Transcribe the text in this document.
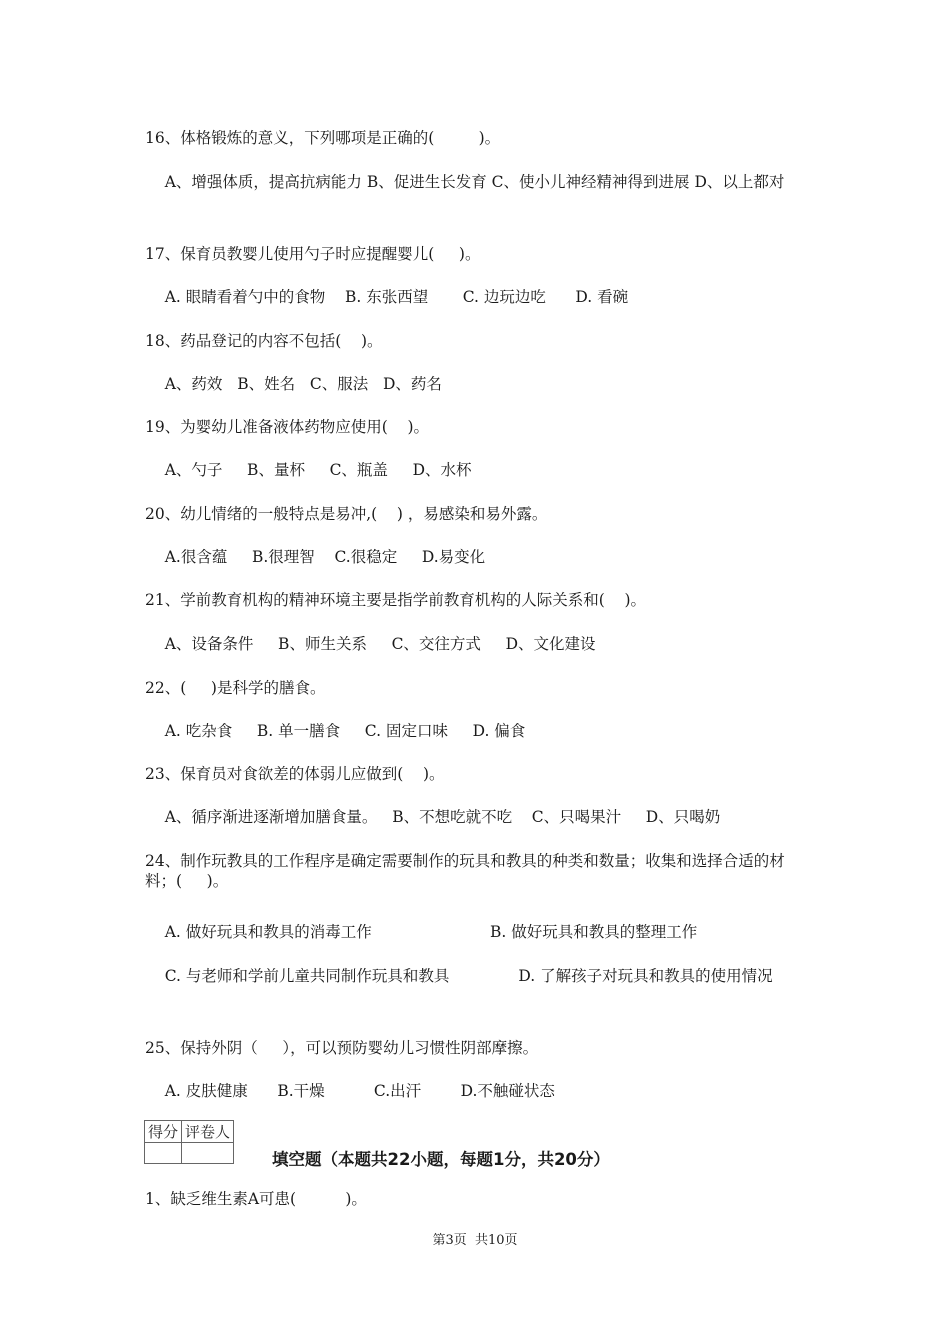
16、体格锻炼的意义，下列哪项是正确的(         )。
A、增强体质，提高抗病能力 B、促进生长发育 C、使小儿神经精神得到进展 D、以上都对
17、保育员教婴儿使用勺子时应提醒婴儿(     )。
A. 眼睛看着勺中的食物    B. 东张西望       C. 边玩边吃      D. 看碗
18、药品登记的内容不包括(    )。
A、药效   B、姓名   C、服法   D、药名
19、为婴幼儿准备液体药物应使用(    )。
A、勺子     B、量杯     C、瓶盖     D、水杯
20、幼儿情绪的一般特点是易冲,(    ) ，易感染和易外露。
A.很含蕴     B.很理智    C.很稳定     D.易变化
21、学前教育机构的精神环境主要是指学前教育机构的人际关系和(    )。
A、设备条件     B、师生关系     C、交往方式     D、文化建设
22、(     )是科学的膳食。
A. 吃杂食     B. 单一膳食     C. 固定口味     D. 偏食
23、保育员对食欲差的体弱儿应做到(    )。
A、循序渐进逐渐增加膳食量。   B、不想吃就不吃    C、只喝果汁     D、只喝奶
24、制作玩教具的工作程序是确定需要制作的玩具和教具的种类和数量；收集和选择合适的材料；(     )。
A. 做好玩具和教具的消毒工作                        B. 做好玩具和教具的整理工作
C. 与老师和学前儿童共同制作玩具和教具              D. 了解孩子对玩具和教具的使用情况
25、保持外阴（     ），可以预防婴幼儿习惯性阴部摩擦。
A. 皮肤健康      B.干燥          C.出汗        D.不触碰状态
得分	评卷人

填空题（本题共22小题，每题1分，共20分）
1、缺乏维生素A可患(          )。
第3页  共10页
